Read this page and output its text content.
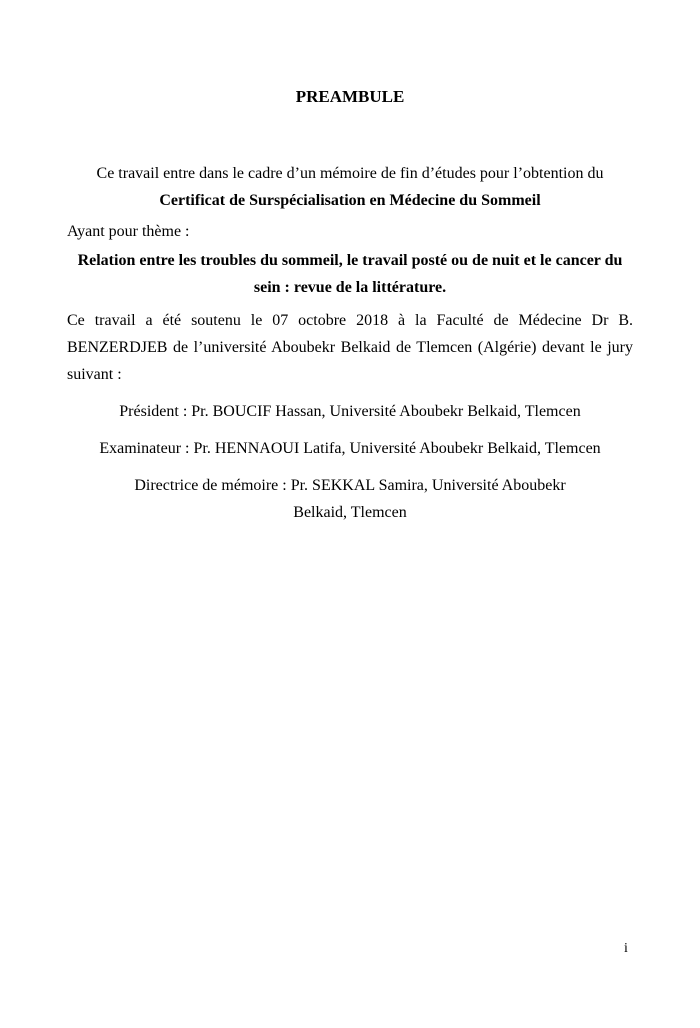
PREAMBULE

Ce travail entre dans le cadre d’un mémoire de fin d’études pour l’obtention du

Certificat de Surspécialisation en Médecine du Sommeil

Ayant pour thème :

Relation entre les troubles du sommeil, le travail posté ou de nuit et le cancer du
sein : revue de la littérature.

Ce travail a été soutenu le 07 octobre 2018 à la Faculté de Médecine Dr B. BENZERDJEB de l’université Aboubekr Belkaid de Tlemcen (Algérie) devant le jury suivant :

Président : Pr. BOUCIF Hassan, Université Aboubekr Belkaid, Tlemcen

Examinateur : Pr. HENNAOUI Latifa, Université Aboubekr Belkaid, Tlemcen

Directrice de mémoire : Pr. SEKKAL Samira, Université Aboubekr Belkaid, Tlemcen

i
